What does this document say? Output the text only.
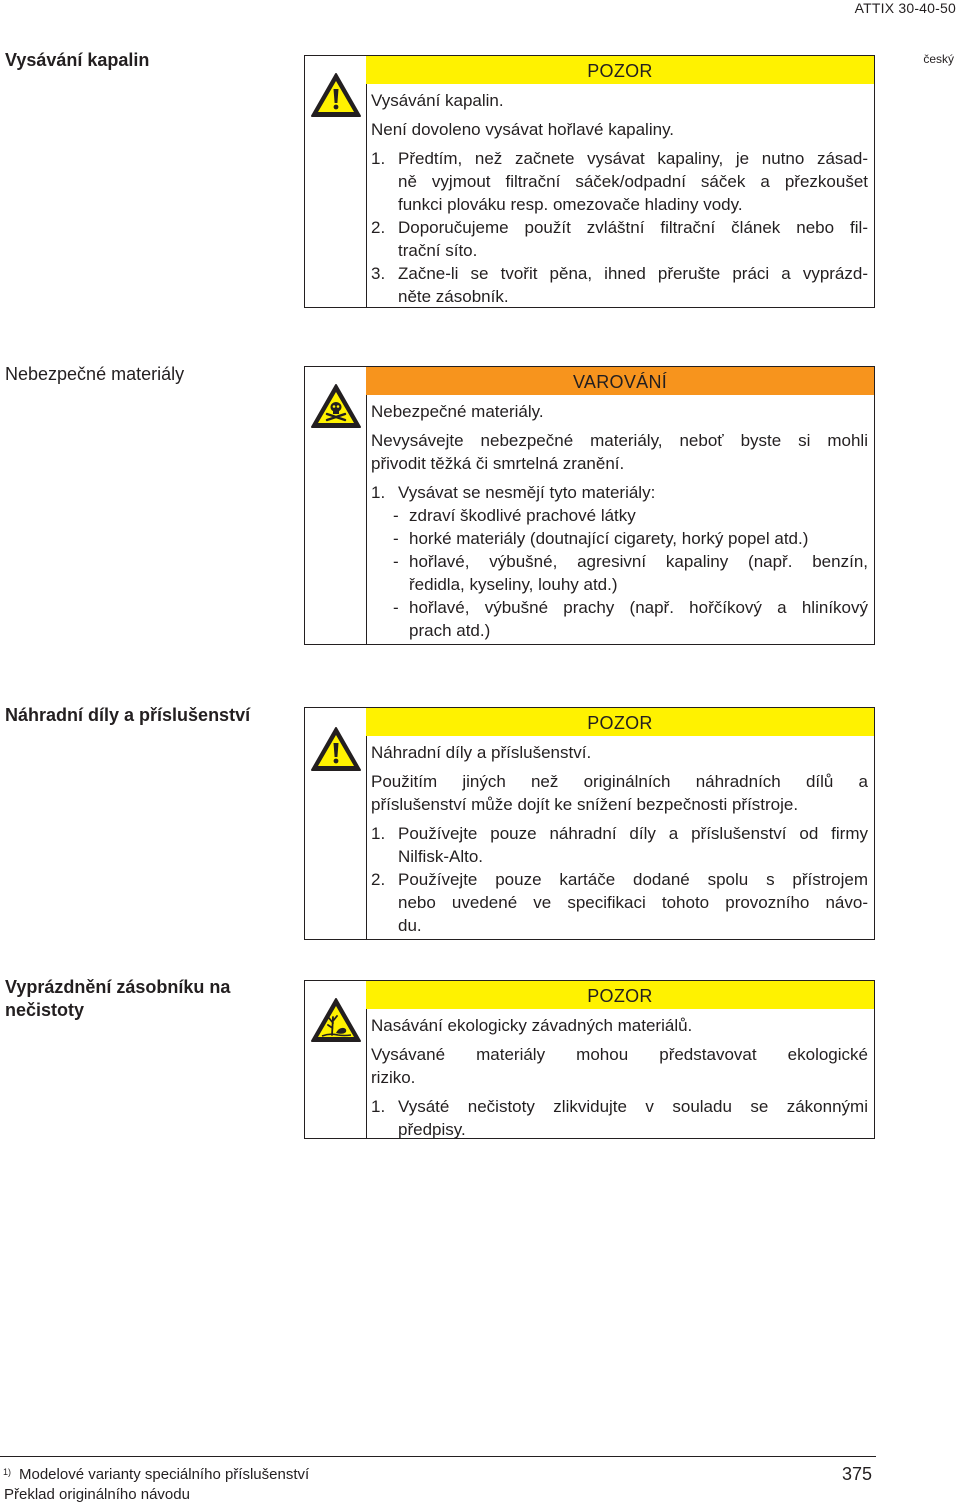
ATTIX 30-40-50
český
Vysávání kapalin
POZOR
Vysávání kapalin.
Není dovoleno vysávat hořlavé kapaliny.
1. Předtím, než začnete vysávat kapaliny, je nutno zásad-
ně vyjmout filtrační sáček/odpadní sáček a přezkoušet
funkci plováku resp. omezovače hladiny vody.
2. Doporučujeme použít zvláštní filtrační článek nebo fil-
trační síto.
3. Začne-li se tvořit pěna, ihned přerušte práci a vyprázd-
něte zásobník.
Nebezpečné materiály	VAROVÁNÍ
Nebezpečné materiály.
Nevysávejte nebezpečné materiály, neboť byste si mohli
přivodit těžká či smrtelná zranění.
1. Vysávat se nesmějí tyto materiály:
- zdraví škodlivé prachové látky
- horké materiály (doutnající cigarety, horký popel atd.)
- hořlavé, výbušné, agresivní kapaliny (např. benzín,
ředidla, kyseliny, louhy atd.)
- hořlavé, výbušné prachy (např. hořčíkový a hliníkový
prach atd.)
Náhradní díly a příslušenství	POZOR
Náhradní díly a příslušenství.
Použitím jiných než originálních náhradních dílů a
příslušenství může dojít ke snížení bezpečnosti přístroje.
1. Používejte pouze náhradní díly a příslušenství od firmy
Nilfisk-Alto.
2. Používejte pouze kartáče dodané spolu s přístrojem
nebo uvedené ve specifikaci tohoto provozního návo-
du.
Vyprázdnění zásobníku na
nečistoty
POZOR
Nasávání ekologicky závadných materiálů.
Vysávané materiály mohou představovat ekologické
riziko.
1. Vysáté nečistoty zlikvidujte v souladu se zákonnými
předpisy.
1) Modelové varianty speciálního příslušenství
Překlad originálního návodu
375
